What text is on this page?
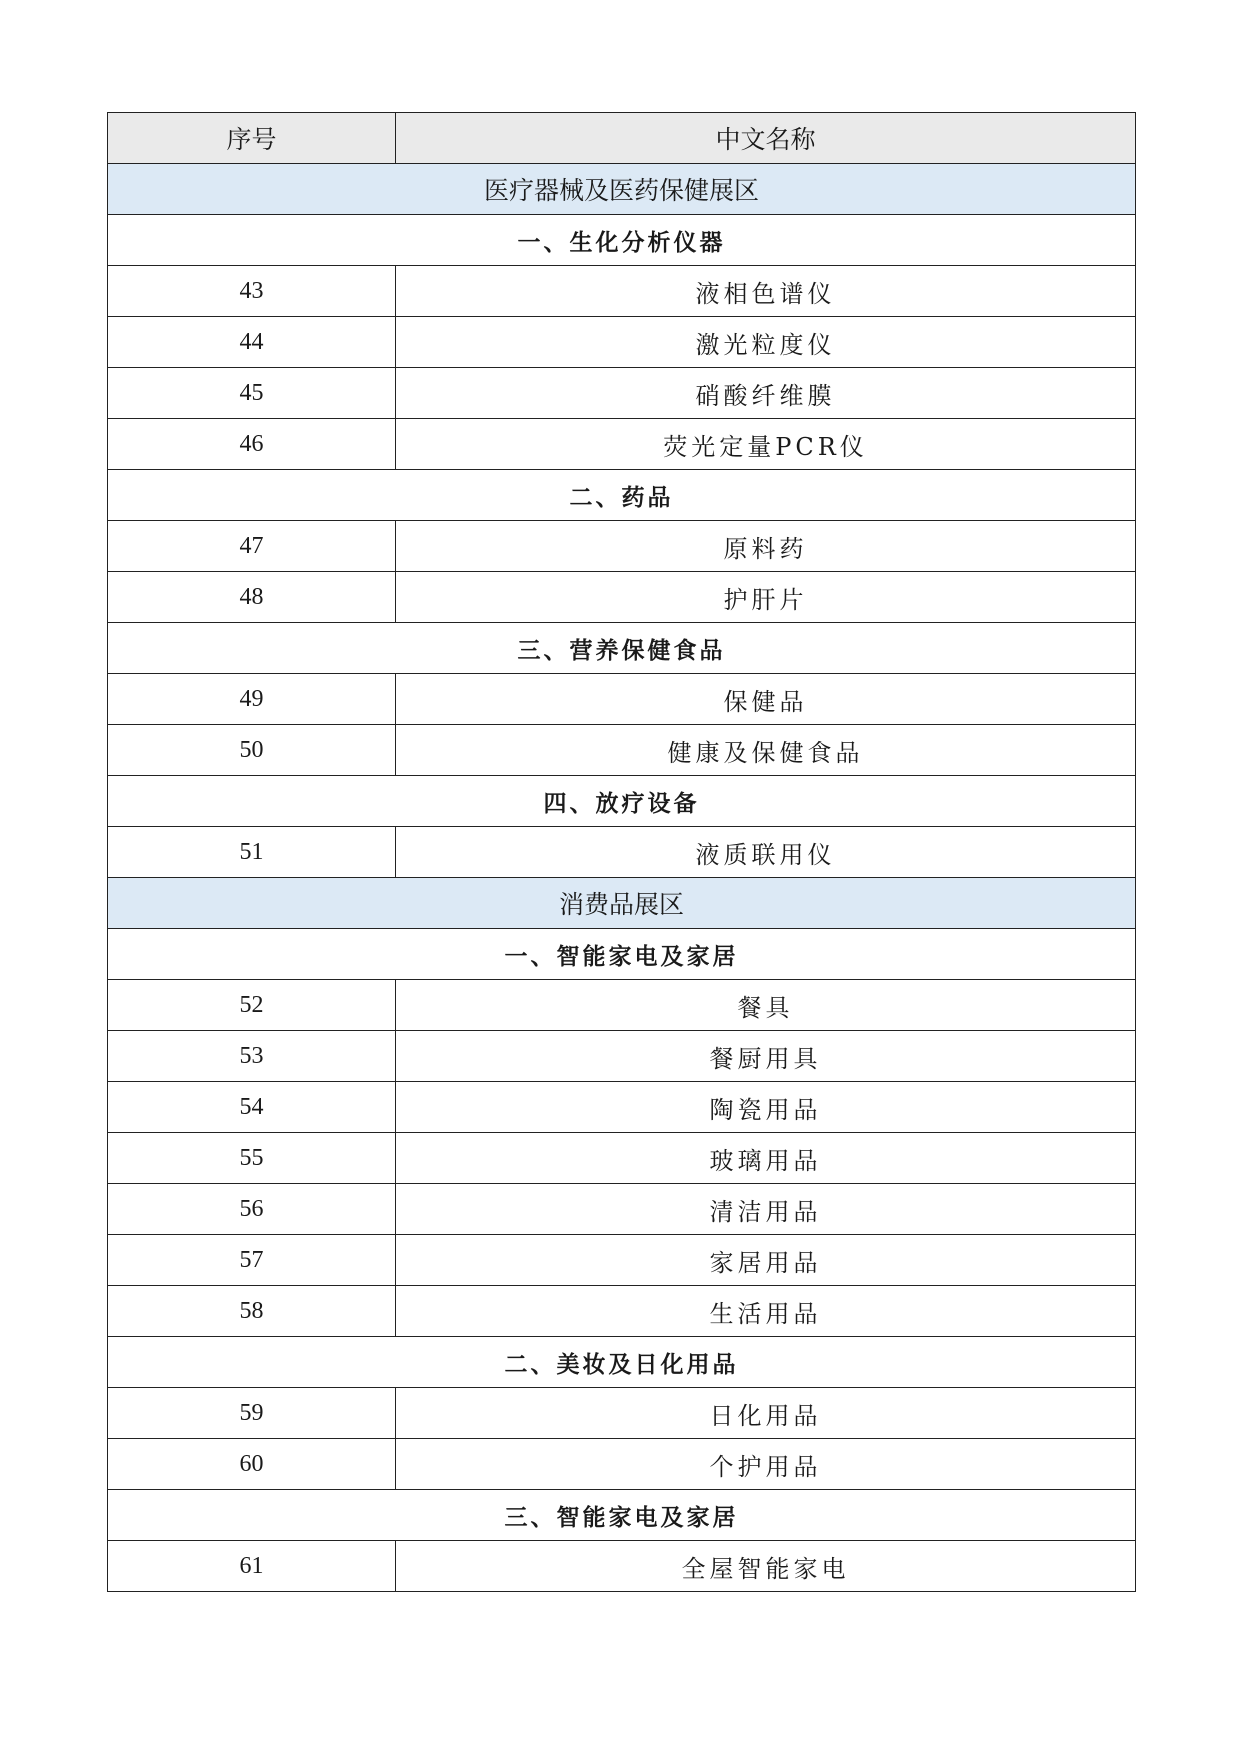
序号	中文名称
医疗器械及医药保健展区	
一、生化分析仪器	
43	液相色谱仪
44	激光粒度仪
45	硝酸纤维膜
46	荧光定量PCR仪
二、药品	
47	原料药
48	护肝片
三、营养保健食品	
49	保健品
50	健康及保健食品
四、放疗设备	
51	液质联用仪
消费品展区	
一、智能家电及家居	
52	餐具
53	餐厨用具
54	陶瓷用品
55	玻璃用品
56	清洁用品
57	家居用品
58	生活用品
二、美妆及日化用品	
59	日化用品
60	个护用品
三、智能家电及家居	
61	全屋智能家电
